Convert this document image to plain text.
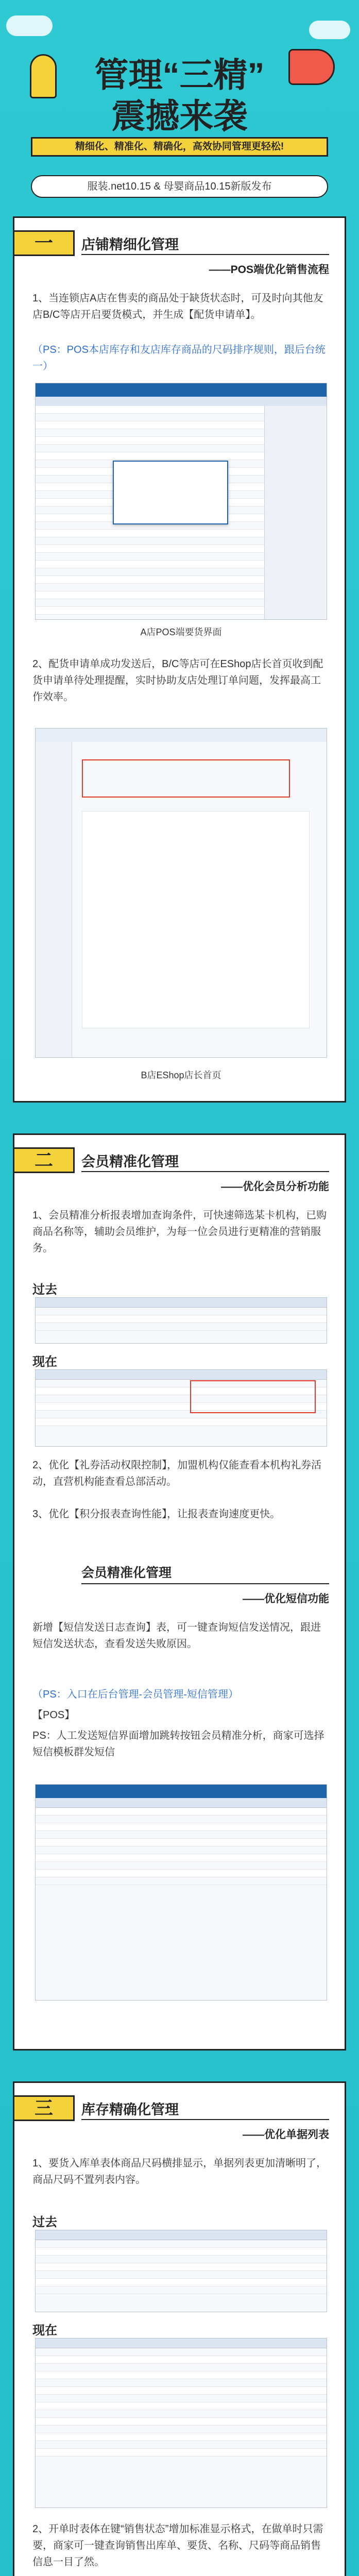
管理“三精”
震撼来袭
精细化、精准化、精确化，高效协同管理更轻松!
服装.net10.15 & 母婴商品10.15新版发布
一	店铺精细化管理
——POS端优化销售流程
1、当连锁店A店在售卖的商品处于缺货状态时，可及时向其他友店B/C等店开启要货模式，并生成【配货申请单】。
（PS：POS本店库存和友店库存商品的尺码排序规则，跟后台统一）
A店POS端要货界面
2、配货申请单成功发送后，B/C等店可在EShop店长首页收到配货申请单待处理提醒，实时协助友店处理订单问题，发挥最高工作效率。
B店EShop店长首页
二	会员精准化管理
——优化会员分析功能
1、会员精准分析报表增加查询条件，可快速筛选某卡机构，已购商品名称等，辅助会员维护，为每一位会员进行更精准的营销服务。
过去
现在
2、优化【礼券活动权限控制】，加盟机构仅能查看本机构礼券活动，直营机构能查看总部活动。
3、优化【积分报表查询性能】，让报表查询速度更快。
会员精准化管理
——优化短信功能
新增【短信发送日志查询】表，可一键查询短信发送情况，跟进短信发送状态，查看发送失败原因。
（PS：入口在后台管理-会员管理-短信管理）
【POS】
PS：人工发送短信界面增加跳转按钮会员精准分析，商家可选择短信模板群发短信
三	库存精确化管理
——优化单据列表
1、要货入库单表体商品尺码横排显示，单据列表更加清晰明了，商品尺码不置列表内容。
过去
现在
2、开单时表体在键“销售状态”增加标准显示格式，在做单时只需要，商家可一键查询销售出库单、要货、名称、尺码等商品销售信息一目了然。
